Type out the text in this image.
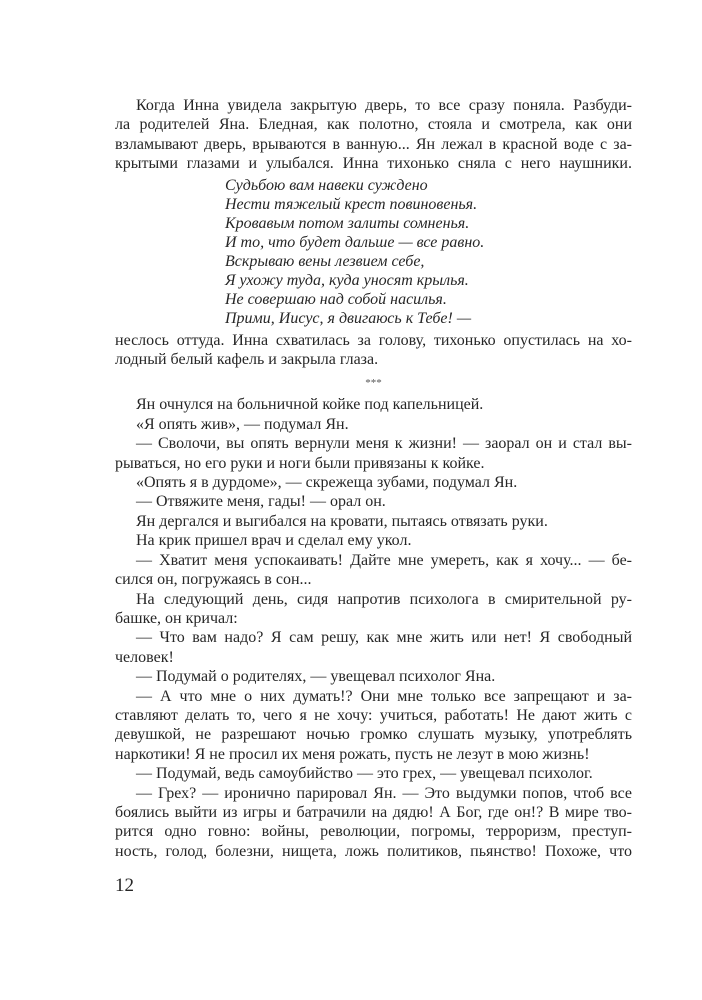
Когда Инна увидела закрытую дверь, то все сразу поняла. Разбуди-
ла родителей Яна. Бледная, как полотно, стояла и смотрела, как они
взламывают дверь, врываются в ванную... Ян лежал в красной воде с за-
крытыми глазами и улыбался. Инна тихонько сняла с него наушники.
Судьбою вам навеки суждено
Нести тяжелый крест повиновенья.
Кровавым потом залиты сомненья.
И то, что будет дальше — все равно.
Вскрываю вены лезвием себе,
Я ухожу туда, куда уносят крылья.
Не совершаю над собой насилья.
Прими, Иисус, я двигаюсь к Тебе! —
неслось оттуда. Инна схватилась за голову, тихонько опустилась на хо-
лодный белый кафель и закрыла глаза.
***
Ян очнулся на больничной койке под капельницей.
«Я опять жив», — подумал Ян.
— Сволочи, вы опять вернули меня к жизни! — заорал он и стал вы-
рываться, но его руки и ноги были привязаны к койке.
«Опять я в дурдоме», — скрежеща зубами, подумал Ян.
— Отвяжите меня, гады! — орал он.
Ян дергался и выгибался на кровати, пытаясь отвязать руки.
На крик пришел врач и сделал ему укол.
— Хватит меня успокаивать! Дайте мне умереть, как я хочу... — бе-
сился он, погружаясь в сон...
На следующий день, сидя напротив психолога в смирительной ру-
башке, он кричал:
— Что вам надо? Я сам решу, как мне жить или нет! Я свободный
человек!
— Подумай о родителях, — увещевал психолог Яна.
— А что мне о них думать!? Они мне только все запрещают и за-
ставляют делать то, чего я не хочу: учиться, работать! Не дают жить с
девушкой, не разрешают ночью громко слушать музыку, употреблять
наркотики! Я не просил их меня рожать, пусть не лезут в мою жизнь!
— Подумай, ведь самоубийство — это грех, — увещевал психолог.
— Грех? — иронично парировал Ян. — Это выдумки попов, чтоб все
боялись выйти из игры и батрачили на дядю! А Бог, где он!? В мире тво-
рится одно говно: войны, революции, погромы, терроризм, преступ-
ность, голод, болезни, нищета, ложь политиков, пьянство! Похоже, что
12
